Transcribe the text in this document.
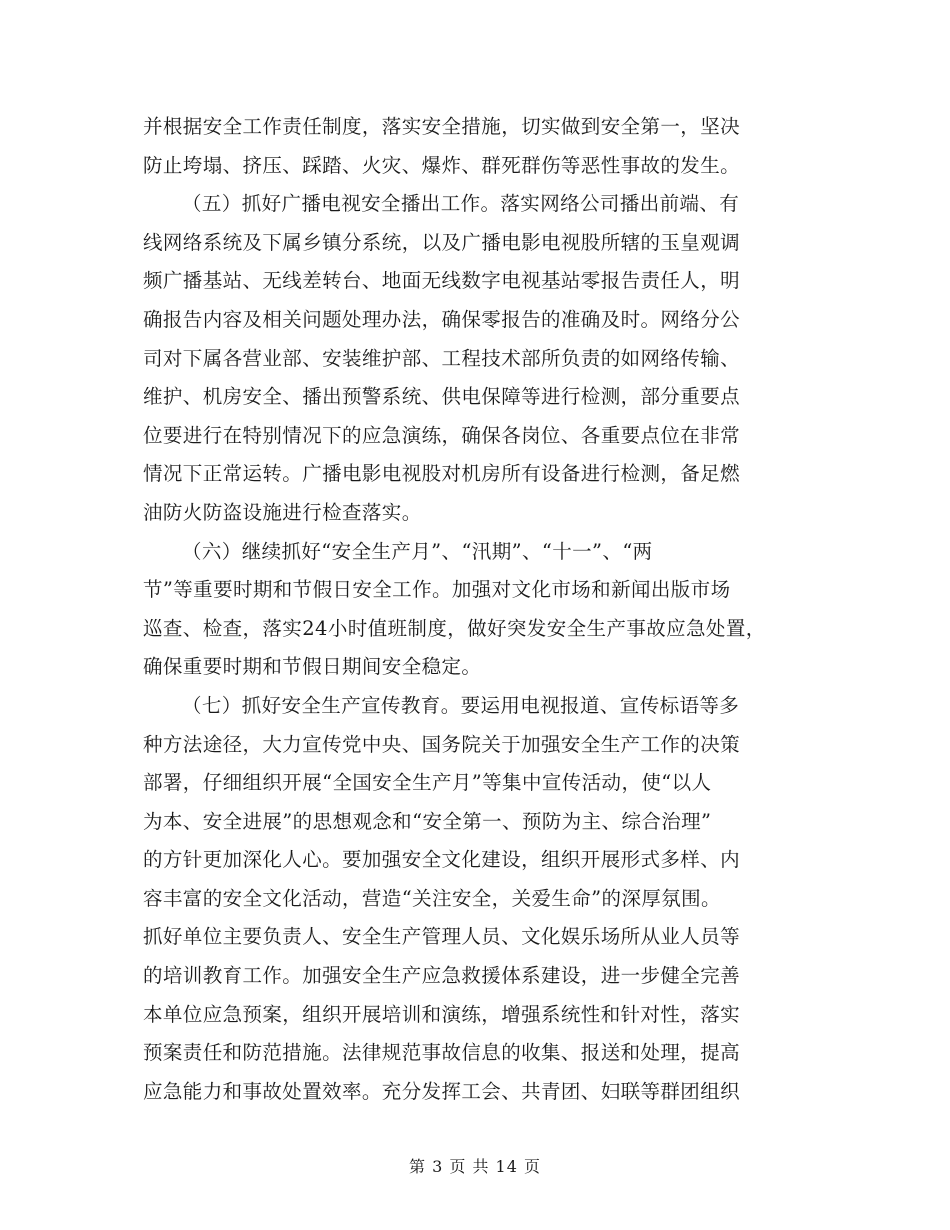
并根据安全工作责任制度，落实安全措施，切实做到安全第一，坚决
防止垮塌、挤压、踩踏、火灾、爆炸、群死群伤等恶性事故的发生。
（五）抓好广播电视安全播出工作。落实网络公司播出前端、有
线网络系统及下属乡镇分系统，以及广播电影电视股所辖的玉皇观调
频广播基站、无线差转台、地面无线数字电视基站零报告责任人，明
确报告内容及相关问题处理办法，确保零报告的准确及时。网络分公
司对下属各营业部、安装维护部、工程技术部所负责的如网络传输、
维护、机房安全、播出预警系统、供电保障等进行检测，部分重要点
位要进行在特别情况下的应急演练，确保各岗位、各重要点位在非常
情况下正常运转。广播电影电视股对机房所有设备进行检测，备足燃
油防火防盗设施进行检查落实。
（六）继续抓好“安全生产月”、“汛期”、“十一”、“两
节”等重要时期和节假日安全工作。加强对文化市场和新闻出版市场
巡查、检查，落实24小时值班制度，做好突发安全生产事故应急处置，
确保重要时期和节假日期间安全稳定。
（七）抓好安全生产宣传教育。要运用电视报道、宣传标语等多
种方法途径，大力宣传党中央、国务院关于加强安全生产工作的决策
部署，仔细组织开展“全国安全生产月”等集中宣传活动，使“以人
为本、安全进展”的思想观念和“安全第一、预防为主、综合治理”
的方针更加深化人心。要加强安全文化建设，组织开展形式多样、内
容丰富的安全文化活动，营造“关注安全，关爱生命”的深厚氛围。
抓好单位主要负责人、安全生产管理人员、文化娱乐场所从业人员等
的培训教育工作。加强安全生产应急救援体系建设，进一步健全完善
本单位应急预案，组织开展培训和演练，增强系统性和针对性，落实
预案责任和防范措施。法律规范事故信息的收集、报送和处理，提高
应急能力和事故处置效率。充分发挥工会、共青团、妇联等群团组织
第 3 页 共 14 页
